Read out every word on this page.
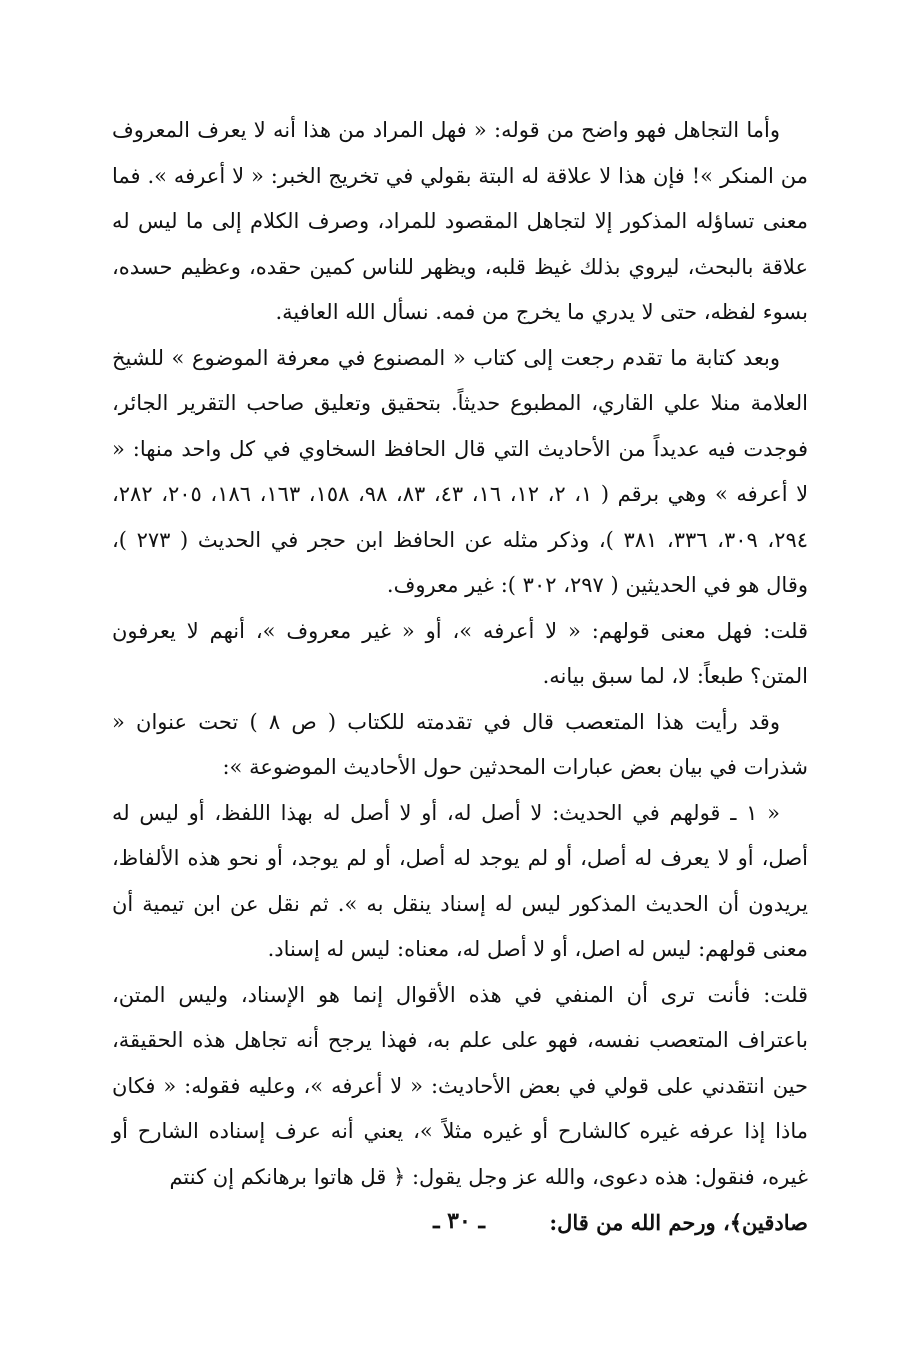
وأما التجاهل فهو واضح من قوله: « فهل المراد من هذا أنه لا يعرف المعروف من المنكر »! فإن هذا لا علاقة له البتة بقولي في تخريج الخبر: « لا أعرفه ». فما معنى تساؤله المذكور إلا لتجاهل المقصود للمراد، وصرف الكلام إلى ما ليس له علاقة بالبحث، ليروي بذلك غيظ قلبه، ويظهر للناس كمين حقده، وعظيم حسده، بسوء لفظه، حتى لا يدري ما يخرج من فمه. نسأل الله العافية.

وبعد كتابة ما تقدم رجعت إلى كتاب « المصنوع في معرفة الموضوع » للشيخ العلامة منلا علي القاري، المطبوع حديثاً. بتحقيق وتعليق صاحب التقرير الجائر، فوجدت فيه عديداً من الأحاديث التي قال الحافظ السخاوي في كل واحد منها: « لا أعرفه » وهي برقم ( ١، ٢، ١٢، ١٦، ٤٣، ٨٣، ٩٨، ١٥٨، ١٦٣، ١٨٦، ٢٠٥، ٢٨٢، ٢٩٤، ٣٠٩، ٣٣٦، ٣٨١ )، وذكر مثله عن الحافظ ابن حجر في الحديث ( ٢٧٣ )، وقال هو في الحديثين ( ٢٩٧، ٣٠٢ ): غير معروف.

قلت: فهل معنى قولهم: « لا أعرفه »، أو « غير معروف »، أنهم لا يعرفون المتن؟ طبعاً: لا، لما سبق بيانه.

وقد رأيت هذا المتعصب قال في تقدمته للكتاب ( ص ٨ ) تحت عنوان « شذرات في بيان بعض عبارات المحدثين حول الأحاديث الموضوعة »:

« ١ ـ قولهم في الحديث: لا أصل له، أو لا أصل له بهذا اللفظ، أو ليس له أصل، أو لا يعرف له أصل، أو لم يوجد له أصل، أو لم يوجد، أو نحو هذه الألفاظ، يريدون أن الحديث المذكور ليس له إسناد ينقل به ». ثم نقل عن ابن تيمية أن معنى قولهم: ليس له اصل، أو لا أصل له، معناه: ليس له إسناد.

قلت: فأنت ترى أن المنفي في هذه الأقوال إنما هو الإسناد، وليس المتن، باعتراف المتعصب نفسه، فهو على علم به، فهذا يرجح أنه تجاهل هذه الحقيقة، حين انتقدني على قولي في بعض الأحاديث: « لا أعرفه »، وعليه فقوله: « فكان ماذا إذا عرفه غيره كالشارح أو غيره مثلاً »، يعني أنه عرف إسناده الشارح أو غيره، فنقول: هذه دعوى، والله عز وجل يقول: ﴿ قل هاتوا برهانكم إن كنتم

صادقين﴾، ورحم الله من قال:

ـ ٣٠ ـ
